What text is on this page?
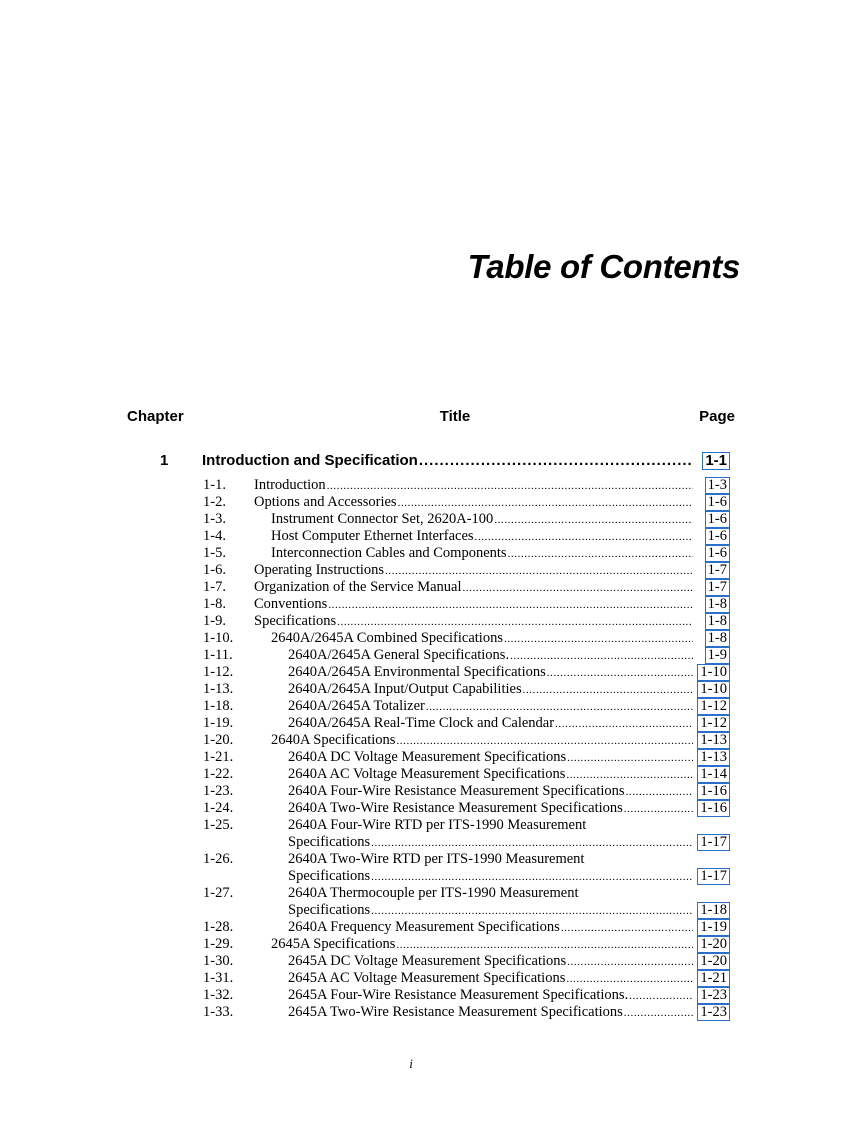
Table of Contents
Chapter	Title	Page
1 Introduction and Specification .....	1-1
1-1. Introduction .....	1-3
1-2. Options and Accessories .....	1-6
1-3.	Instrument Connector Set, 2620A-100 .....	1-6
1-4.	Host Computer Ethernet Interfaces .....	1-6
1-5.	Interconnection Cables and Components .....	1-6
1-6. Operating Instructions .....	1-7
1-7. Organization of the Service Manual .....	1-7
1-8. Conventions .....	1-8
1-9. Specifications .....	1-8
1-10.	2640A/2645A Combined Specifications .....	1-8
1-11.	2640A/2645A General Specifications. .....	1-9
1-12.	2640A/2645A Environmental Specifications .....	1-10
1-13.	2640A/2645A Input/Output Capabilities .....	1-10
1-18.	2640A/2645A Totalizer .....	1-12
1-19.	2640A/2645A Real-Time Clock and Calendar .....	1-12
1-20.	2640A Specifications .....	1-13
1-21.	2640A DC Voltage Measurement Specifications .....	1-13
1-22.	2640A AC Voltage Measurement Specifications .....	1-14
1-23.	2640A Four-Wire Resistance Measurement Specifications .....	1-16
1-24.	2640A Two-Wire Resistance Measurement Specifications .....	1-16
1-25.	2640A Four-Wire RTD per ITS-1990 Measurement
Specifications .....	1-17
1-26.	2640A Two-Wire RTD per ITS-1990 Measurement
Specifications .....	1-17
1-27.	2640A Thermocouple per ITS-1990 Measurement
Specifications .....	1-18
1-28.	2640A Frequency Measurement Specifications .....	1-19
1-29.	2645A Specifications .....	1-20
1-30.	2645A DC Voltage Measurement Specifications .....	1-20
1-31.	2645A AC Voltage Measurement Specifications .....	1-21
1-32.	2645A Four-Wire Resistance Measurement Specifications. .....	1-23
1-33.	2645A Two-Wire Resistance Measurement Specifications .....	1-23
i
